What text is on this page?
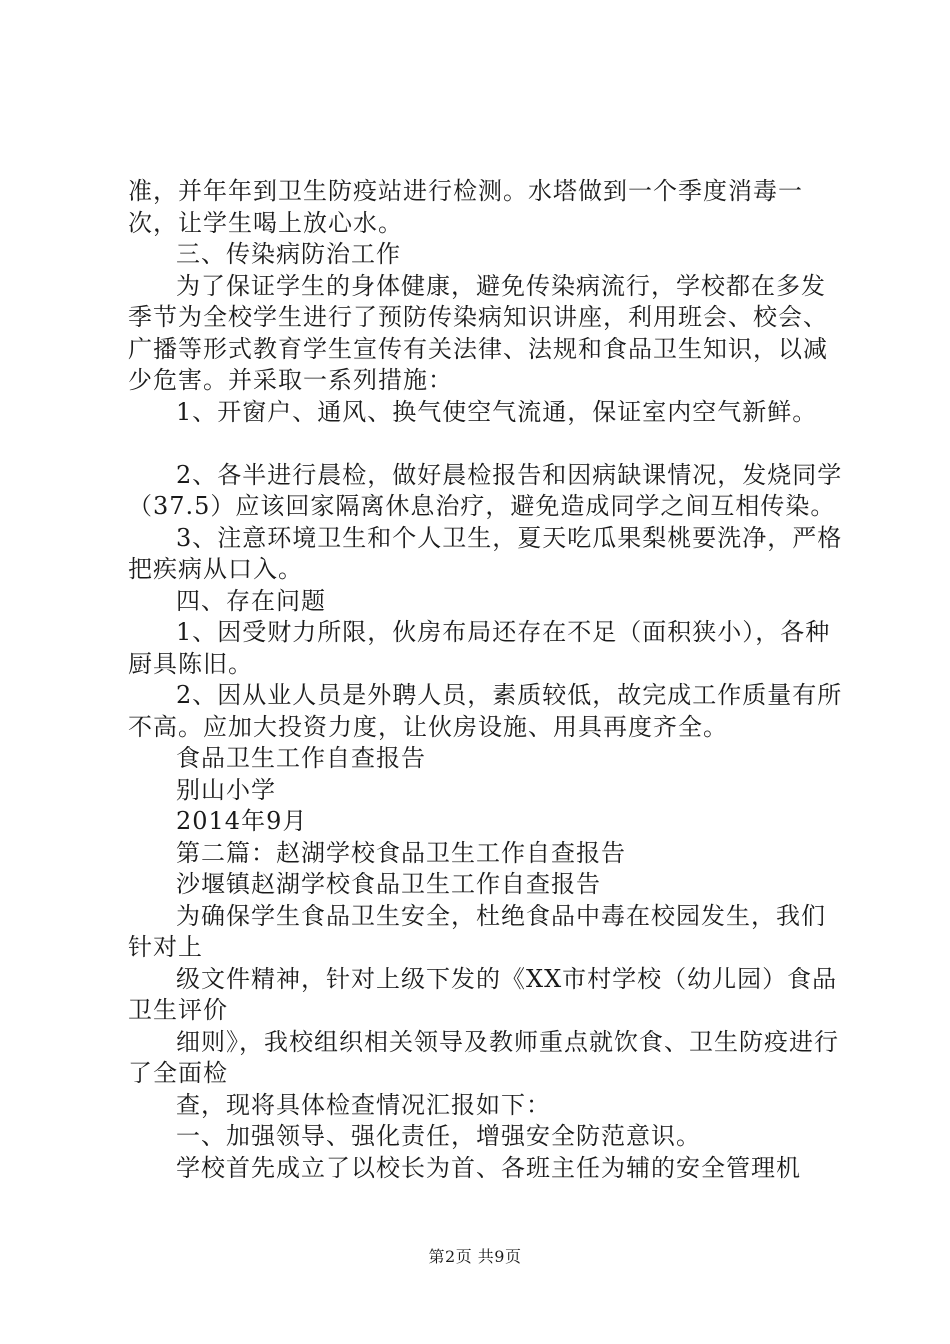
准，并年年到卫生防疫站进行检测。水塔做到一个季度消毒一次，让学生喝上放心水。

三、传染病防治工作

为了保证学生的身体健康，避免传染病流行，学校都在多发季节为全校学生进行了预防传染病知识讲座，利用班会、校会、广播等形式教育学生宣传有关法律、法规和食品卫生知识，以减少危害。并采取一系列措施：

1、开窗户、通风、换气使空气流通，保证室内空气新鲜。

2、各半进行晨检，做好晨检报告和因病缺课情况，发烧同学（37.5）应该回家隔离休息治疗，避免造成同学之间互相传染。

3、注意环境卫生和个人卫生，夏天吃瓜果梨桃要洗净，严格把疾病从口入。

四、存在问题

1、因受财力所限，伙房布局还存在不足（面积狭小），各种厨具陈旧。

2、因从业人员是外聘人员，素质较低，故完成工作质量有所不高。应加大投资力度，让伙房设施、用具再度齐全。

食品卫生工作自查报告

别山小学

2014年9月

第二篇：赵湖学校食品卫生工作自查报告

沙堰镇赵湖学校食品卫生工作自查报告

为确保学生食品卫生安全，杜绝食品中毒在校园发生，我们针对上

级文件精神，针对上级下发的《XX市村学校（幼儿园）食品卫生评价

细则》，我校组织相关领导及教师重点就饮食、卫生防疫进行了全面检

查，现将具体检查情况汇报如下：

一、加强领导、强化责任，增强安全防范意识。

学校首先成立了以校长为首、各班主任为辅的安全管理机

第2页 共9页
